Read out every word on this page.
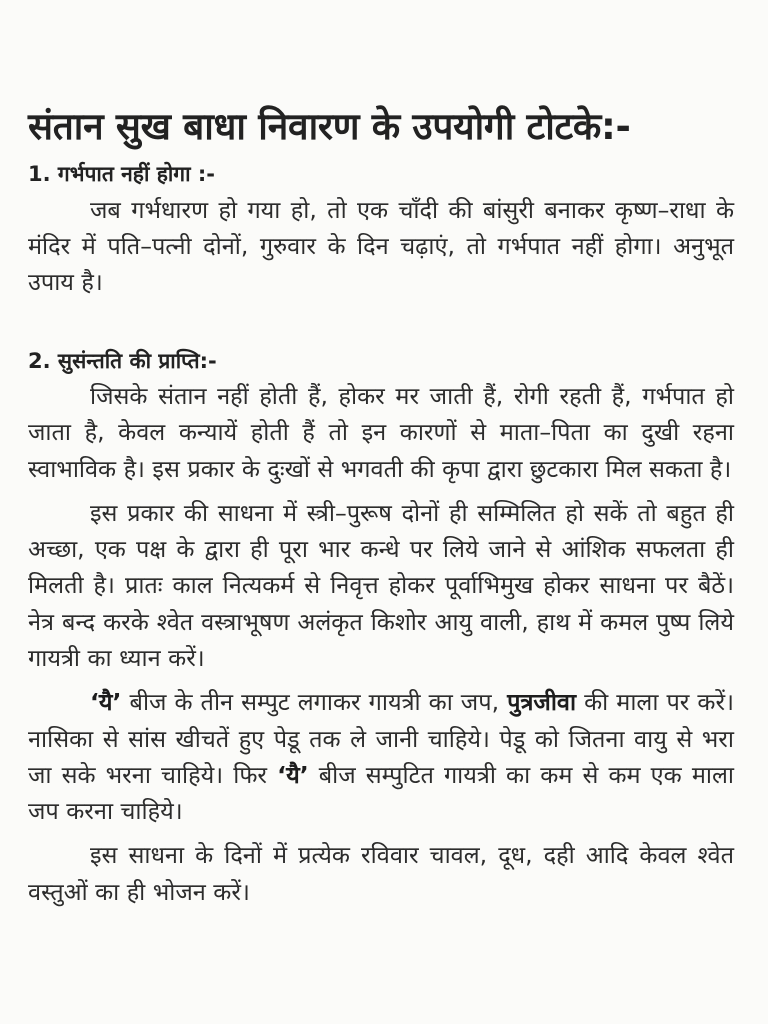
संतान सुख बाधा निवारण के उपयोगी टोटके:-
1. गर्भपात नहीं होगा :-

जब गर्भधारण हो गया हो, तो एक चाँदी की बांसुरी बनाकर कृष्ण–राधा के मंदिर में पति–पत्नी दोनों, गुरुवार के दिन चढ़ाएं, तो गर्भपात नहीं होगा। अनुभूत उपाय है।

2. सुसंन्तति की प्राप्ति:-

जिसके संतान नहीं होती हैं, होकर मर जाती हैं, रोगी रहती हैं, गर्भपात हो जाता है, केवल कन्यायें होती हैं तो इन कारणों से माता–पिता का दुखी रहना स्वाभाविक है। इस प्रकार के दुःखों से भगवती की कृपा द्वारा छुटकारा मिल सकता है।

इस प्रकार की साधना में स्त्री–पुरूष दोनों ही सम्मिलित हो सकें तो बहुत ही अच्छा, एक पक्ष के द्वारा ही पूरा भार कन्धे पर लिये जाने से आंशिक सफलता ही मिलती है। प्रातः काल नित्यकर्म से निवृत्त होकर पूर्वाभिमुख होकर साधना पर बैठें। नेत्र बन्द करके श्वेत वस्त्राभूषण अलंकृत किशोर आयु वाली, हाथ में कमल पुष्प लिये गायत्री का ध्यान करें।

‘यै’ बीज के तीन सम्पुट लगाकर गायत्री का जप, पुत्रजीवा की माला पर करें। नासिका से सांस खीचतें हुए पेडू तक ले जानी चाहिये। पेडू को जितना वायु से भरा जा सके भरना चाहिये। फिर ‘यै’ बीज सम्पुटित गायत्री का कम से कम एक माला जप करना चाहिये।

इस साधना के दिनों में प्रत्येक रविवार चावल, दूध, दही आदि केवल श्वेत वस्तुओं का ही भोजन करें।
